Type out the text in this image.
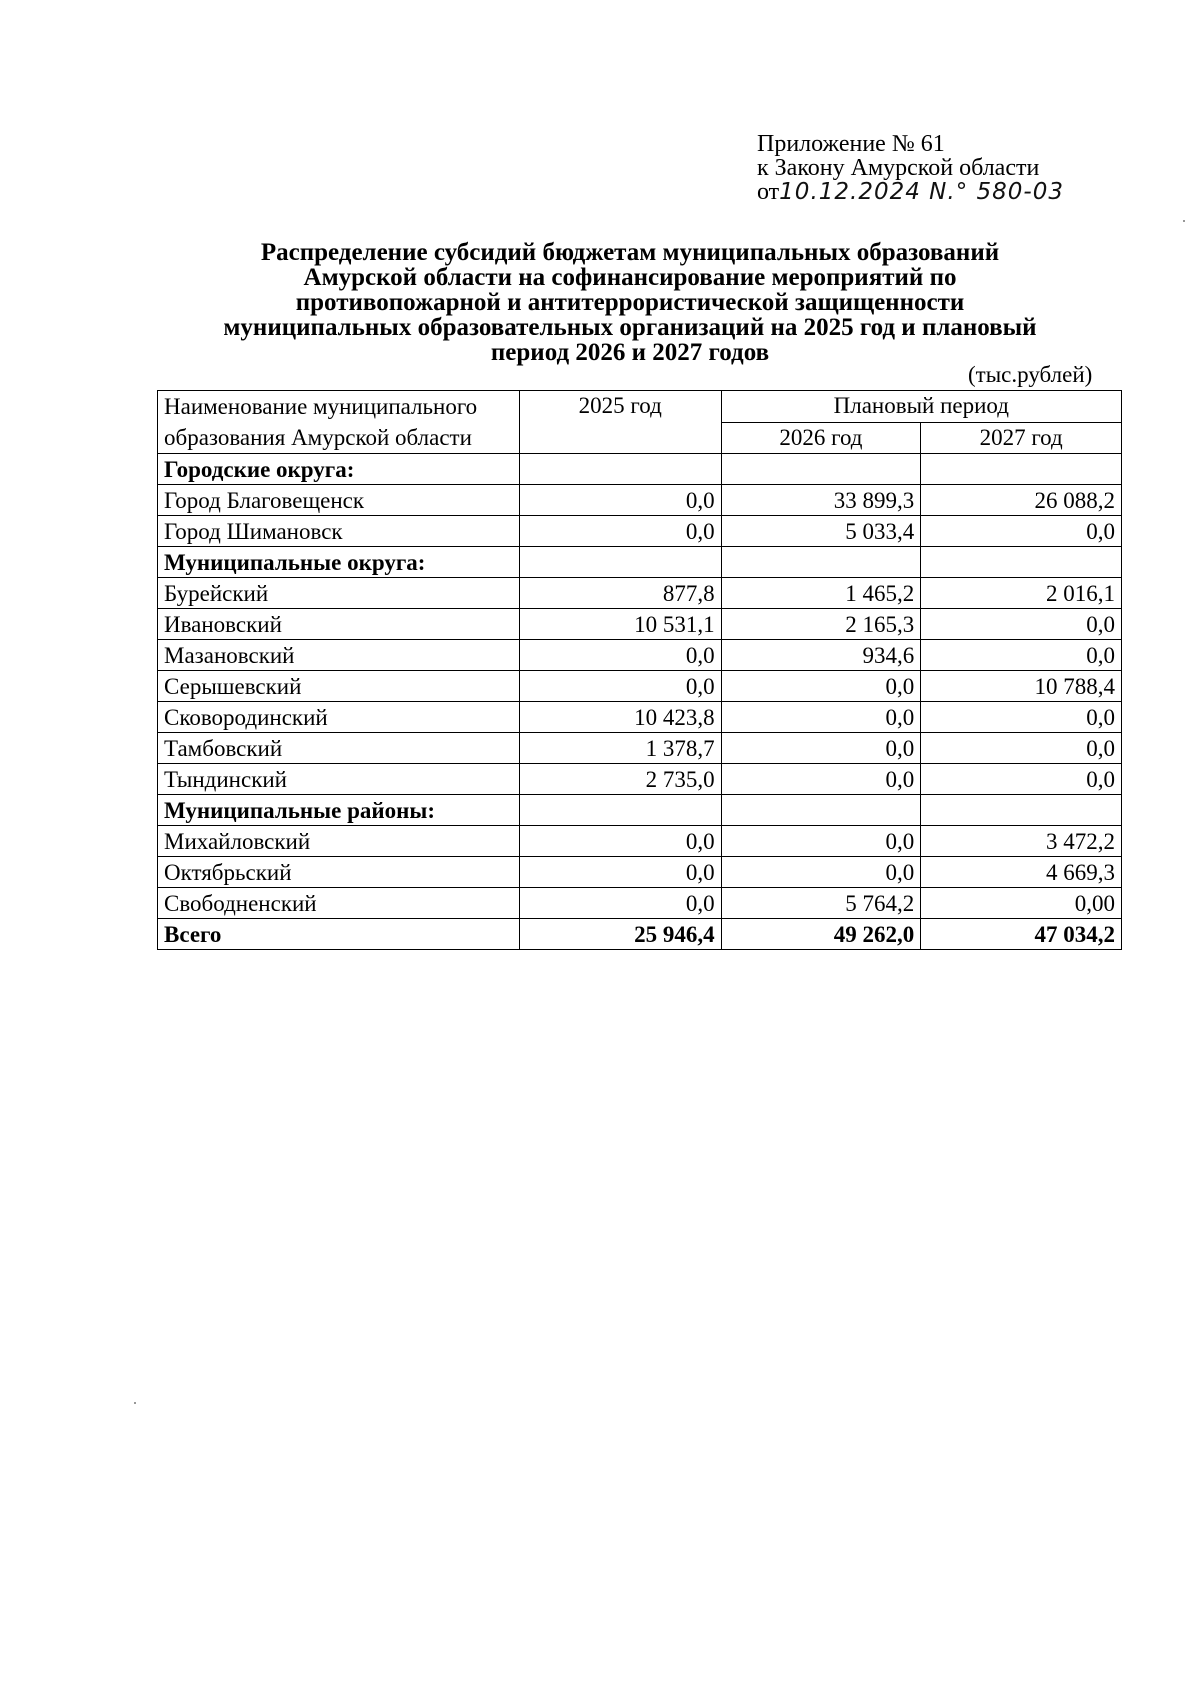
Приложение № 61
к Закону Амурской области
от10.12.2024 N.° 580-03
Распределение субсидий бюджетам муниципальных образований
Амурской области на софинансирование мероприятий по
противопожарной и антитеррористической защищенности
муниципальных образовательных организаций на 2025 год и плановый
период 2026 и 2027 годов
(тыс.рублей)
Наименование муниципального
образования Амурской области	2025 год	Плановый период	
		2026 год	2027 год
Городские округа:			
Город Благовещенск	0,0	33 899,3	26 088,2
Город Шимановск	0,0	5 033,4	0,0
Муниципальные округа:			
Бурейский	877,8	1 465,2	2 016,1
Ивановский	10 531,1	2 165,3	0,0
Мазановский	0,0	934,6	0,0
Серышевский	0,0	0,0	10 788,4
Сковородинский	10 423,8	0,0	0,0
Тамбовский	1 378,7	0,0	0,0
Тындинский	2 735,0	0,0	0,0
Муниципальные районы:			
Михайловский	0,0	0,0	3 472,2
Октябрьский	0,0	0,0	4 669,3
Свободненский	0,0	5 764,2	0,00
Всего	25 946,4	49 262,0	47 034,2
